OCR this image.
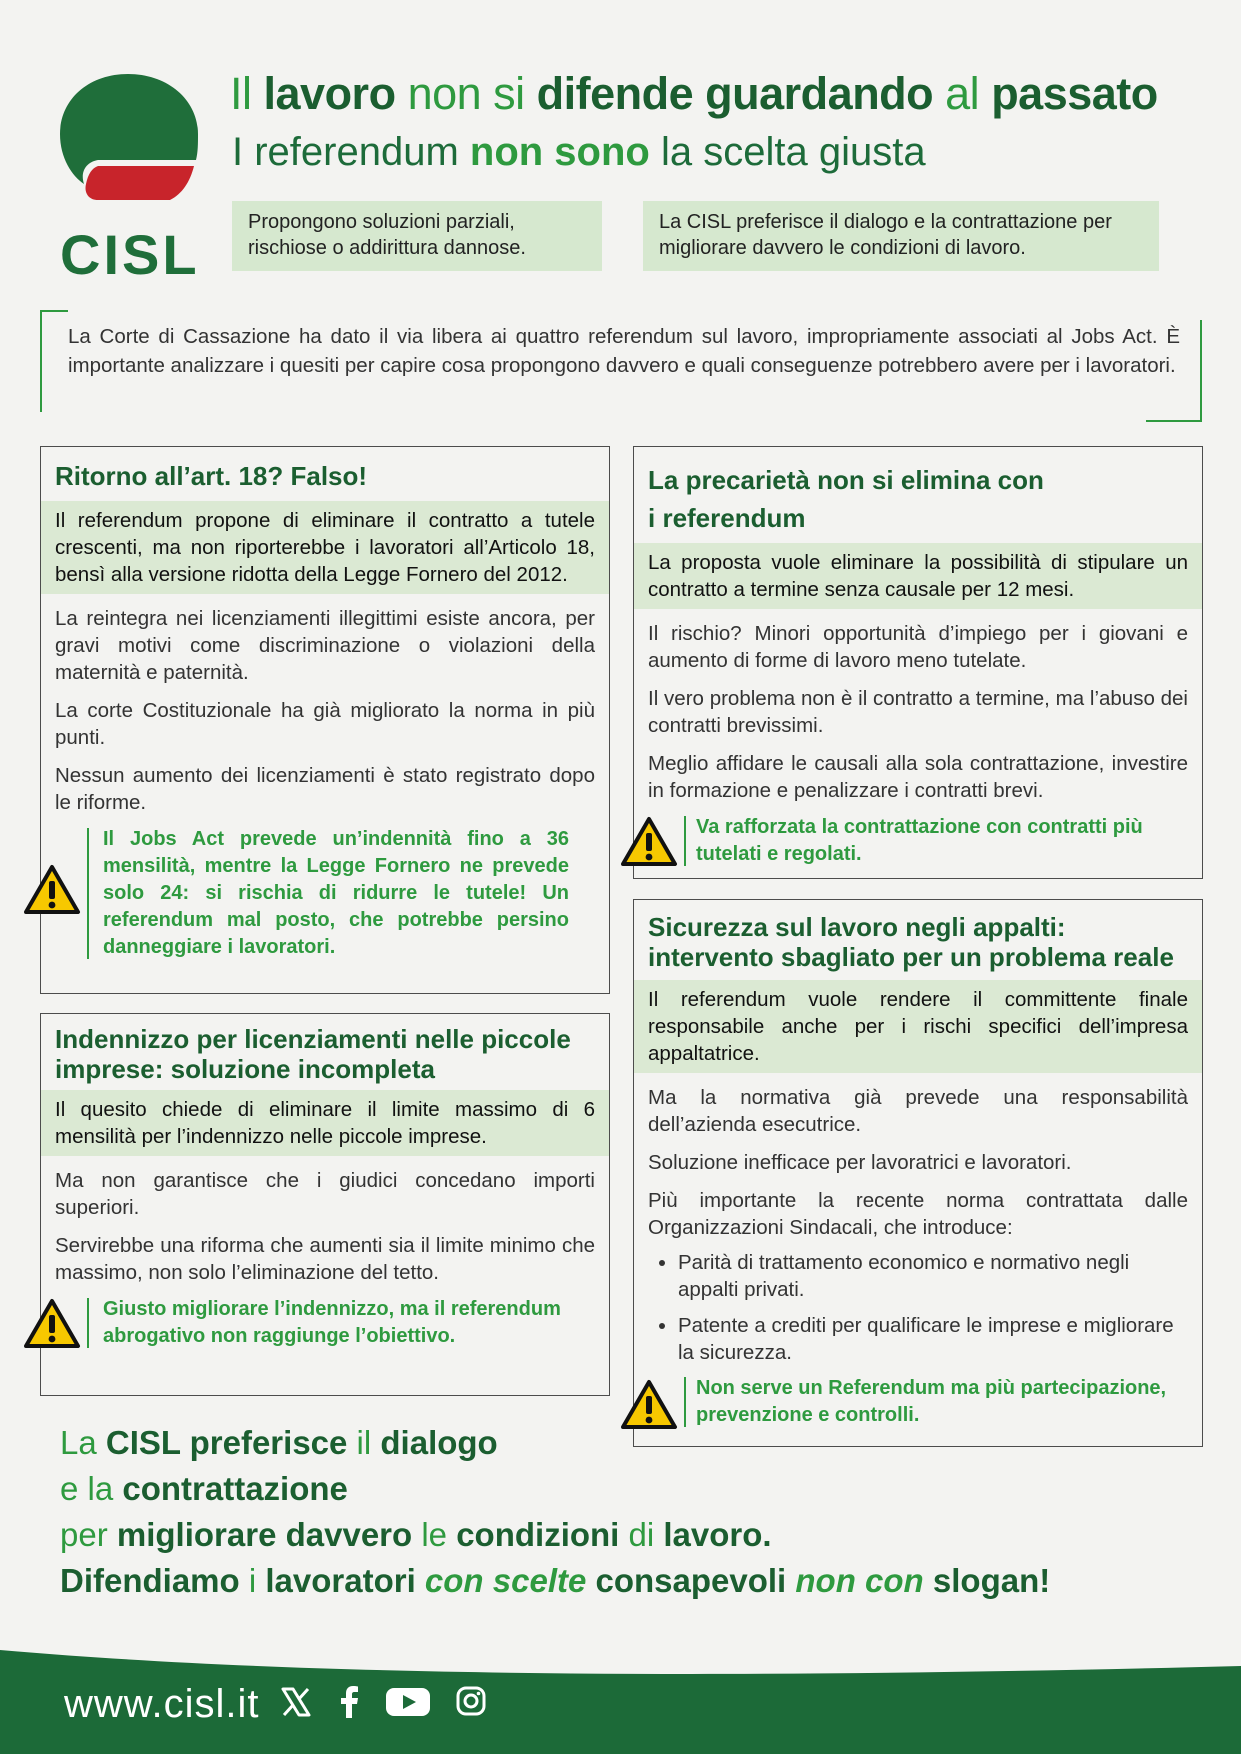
CISL
Il lavoro non si difende guardando al passato
I referendum non sono la scelta giusta
Propongono soluzioni parziali, rischiose o addirittura dannose.
La CISL preferisce il dialogo e la contrattazione per migliorare davvero le condizioni di lavoro.

La Corte di Cassazione ha dato il via libera ai quattro referendum sul lavoro, impropriamente associati al Jobs Act. È importante analizzare i quesiti per capire cosa propongono davvero e quali conseguenze potrebbero avere per i lavoratori.

Ritorno all’art. 18? Falso!
Il referendum propone di eliminare il contratto a tutele crescenti, ma non riporterebbe i lavoratori all’Articolo 18, bensì alla versione ridotta della Legge Fornero del 2012.
La reintegra nei licenziamenti illegittimi esiste ancora, per gravi motivi come discriminazione o violazioni della maternità e paternità.
La corte Costituzionale ha già migliorato la norma in più punti.
Nessun aumento dei licenziamenti è stato registrato dopo le riforme.
Il Jobs Act prevede un’indennità fino a 36 mensilità, mentre la Legge Fornero ne prevede solo 24: si rischia di ridurre le tutele! Un referendum mal posto, che potrebbe persino danneggiare i lavoratori.
Indennizzo per licenziamenti nelle piccole imprese: soluzione incompleta
Il quesito chiede di eliminare il limite massimo di 6 mensilità per l’indennizzo nelle piccole imprese.
Ma non garantisce che i giudici concedano importi superiori.
Servirebbe una riforma che aumenti sia il limite minimo che massimo, non solo l’eliminazione del tetto.
Giusto migliorare l’indennizzo, ma il referendum abrogativo non raggiunge l’obiettivo.
La precarietà non si elimina con i referendum
La proposta vuole eliminare la possibilità di stipulare un contratto a termine senza causale per 12 mesi.
Il rischio? Minori opportunità d’impiego per i giovani e aumento di forme di lavoro meno tutelate.
Il vero problema non è il contratto a termine, ma l’abuso dei contratti brevissimi.
Meglio affidare le causali alla sola contrattazione, investire in formazione e penalizzare i contratti brevi.
Va rafforzata la contrattazione con contratti più tutelati e regolati.
Sicurezza sul lavoro negli appalti: intervento sbagliato per un problema reale
Il referendum vuole rendere il committente finale responsabile anche per i rischi specifici dell’impresa appaltatrice.
Ma la normativa già prevede una responsabilità dell’azienda esecutrice.
Soluzione inefficace per lavoratrici e lavoratori.
Più importante la recente norma contrattata dalle Organizzazioni Sindacali, che introduce:
• Parità di trattamento economico e normativo negli appalti privati.
• Patente a crediti per qualificare le imprese e migliorare la sicurezza.
Non serve un Referendum ma più partecipazione, prevenzione e controlli.
La CISL preferisce il dialogo
e la contrattazione
per migliorare davvero le condizioni di lavoro.
Difendiamo i lavoratori con scelte consapevoli non con slogan!
www.cisl.it
